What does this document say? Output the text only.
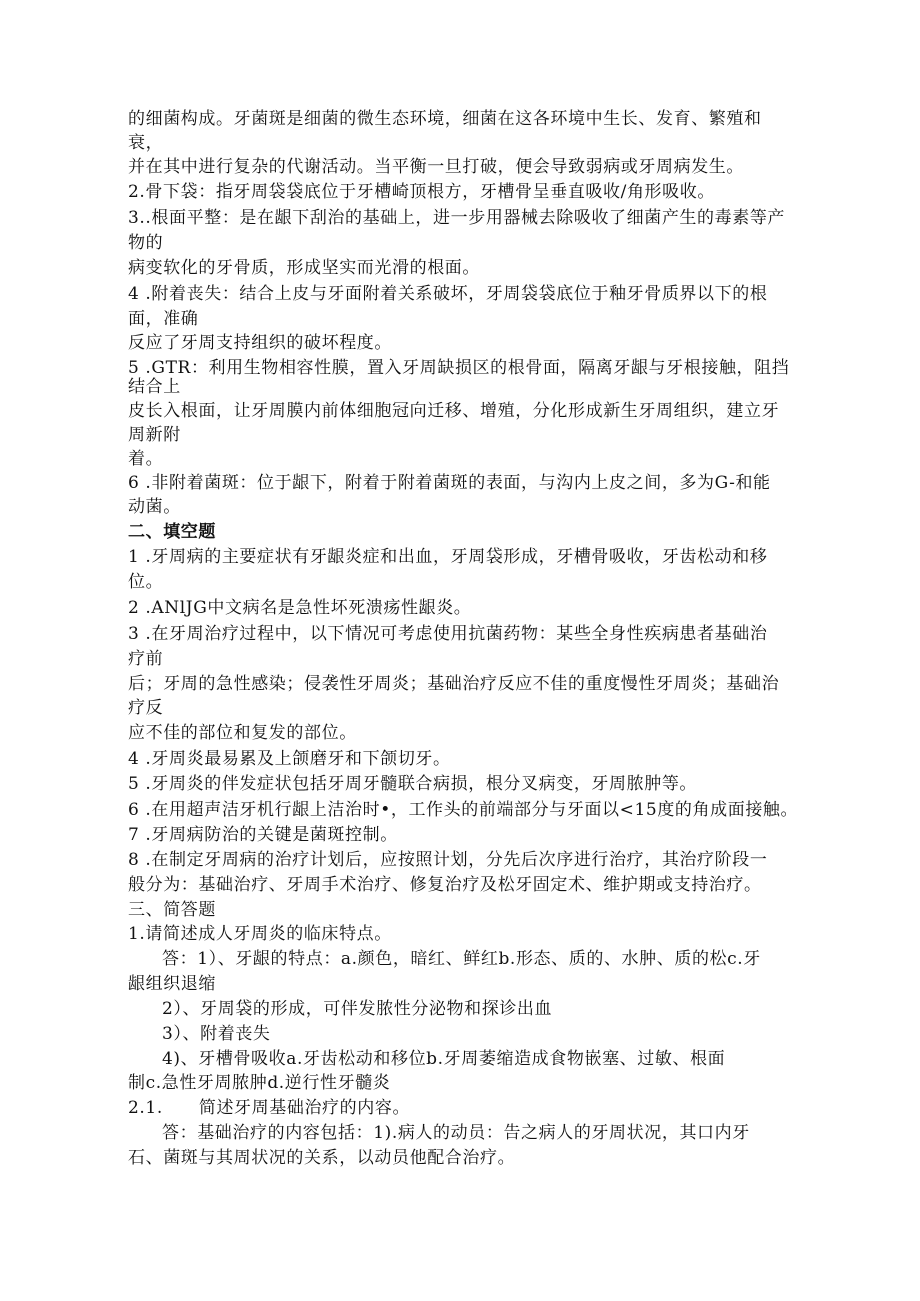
的细菌构成。牙菌斑是细菌的微生态环境，细菌在这各环境中生长、发育、繁殖和
衰，
并在其中进行复杂的代谢活动。当平衡一旦打破，便会导致弱病或牙周病发生。
2.骨下袋：指牙周袋袋底位于牙槽崎顶根方，牙槽骨呈垂直吸收/角形吸收。
3..根面平整：是在龈下刮治的基础上，进一步用器械去除吸收了细菌产生的毒素等产
物的
病变软化的牙骨质，形成坚实而光滑的根面。
4 .附着丧失：结合上皮与牙面附着关系破坏，牙周袋袋底位于釉牙骨质界以下的根
面，准确
反应了牙周支持组织的破坏程度。
5 .GTR：利用生物相容性膜，置入牙周缺损区的根骨面，隔离牙龈与牙根接触，阻挡
结合上
皮长入根面，让牙周膜内前体细胞冠向迁移、增殖，分化形成新生牙周组织，建立牙
周新附
着。
6 .非附着菌斑：位于龈下，附着于附着菌斑的表面，与沟内上皮之间，多为G-和能
动菌。
二、填空题
1 .牙周病的主要症状有牙龈炎症和出血，牙周袋形成，牙槽骨吸收，牙齿松动和移
位。
2 .ANlJG中文病名是急性坏死溃疡性龈炎。
3 .在牙周治疗过程中，以下情况可考虑使用抗菌药物：某些全身性疾病患者基础治
疗前
后；牙周的急性感染；侵袭性牙周炎；基础治疗反应不佳的重度慢性牙周炎；基础治
疗反
应不佳的部位和复发的部位。
4 .牙周炎最易累及上颌磨牙和下颌切牙。
5 .牙周炎的伴发症状包括牙周牙髓联合病损，根分叉病变，牙周脓肿等。
6 .在用超声洁牙机行龈上洁治时•，工作头的前端部分与牙面以<15度的角成面接触。
7 .牙周病防治的关键是菌斑控制。
8 .在制定牙周病的治疗计划后，应按照计划，分先后次序进行治疗，其治疗阶段一
般分为：基础治疗、牙周手术治疗、修复治疗及松牙固定术、维护期或支持治疗。
三、简答题
1.请简述成人牙周炎的临床特点。
答：1）、牙龈的特点：a.颜色，暗红、鲜红b.形态、质的、水肿、质的松c.牙
龈组织退缩
2）、牙周袋的形成，可伴发脓性分泌物和探诊出血
3）、附着丧失
4)、牙槽骨吸收a.牙齿松动和移位b.牙周萎缩造成食物嵌塞、过敏、根面
制c.急性牙周脓肿d.逆行性牙髓炎
2.1.      简述牙周基础治疗的内容。
答：基础治疗的内容包括：1).病人的动员：告之病人的牙周状况，其口内牙
石、菌斑与其周状况的关系，以动员他配合治疗。
